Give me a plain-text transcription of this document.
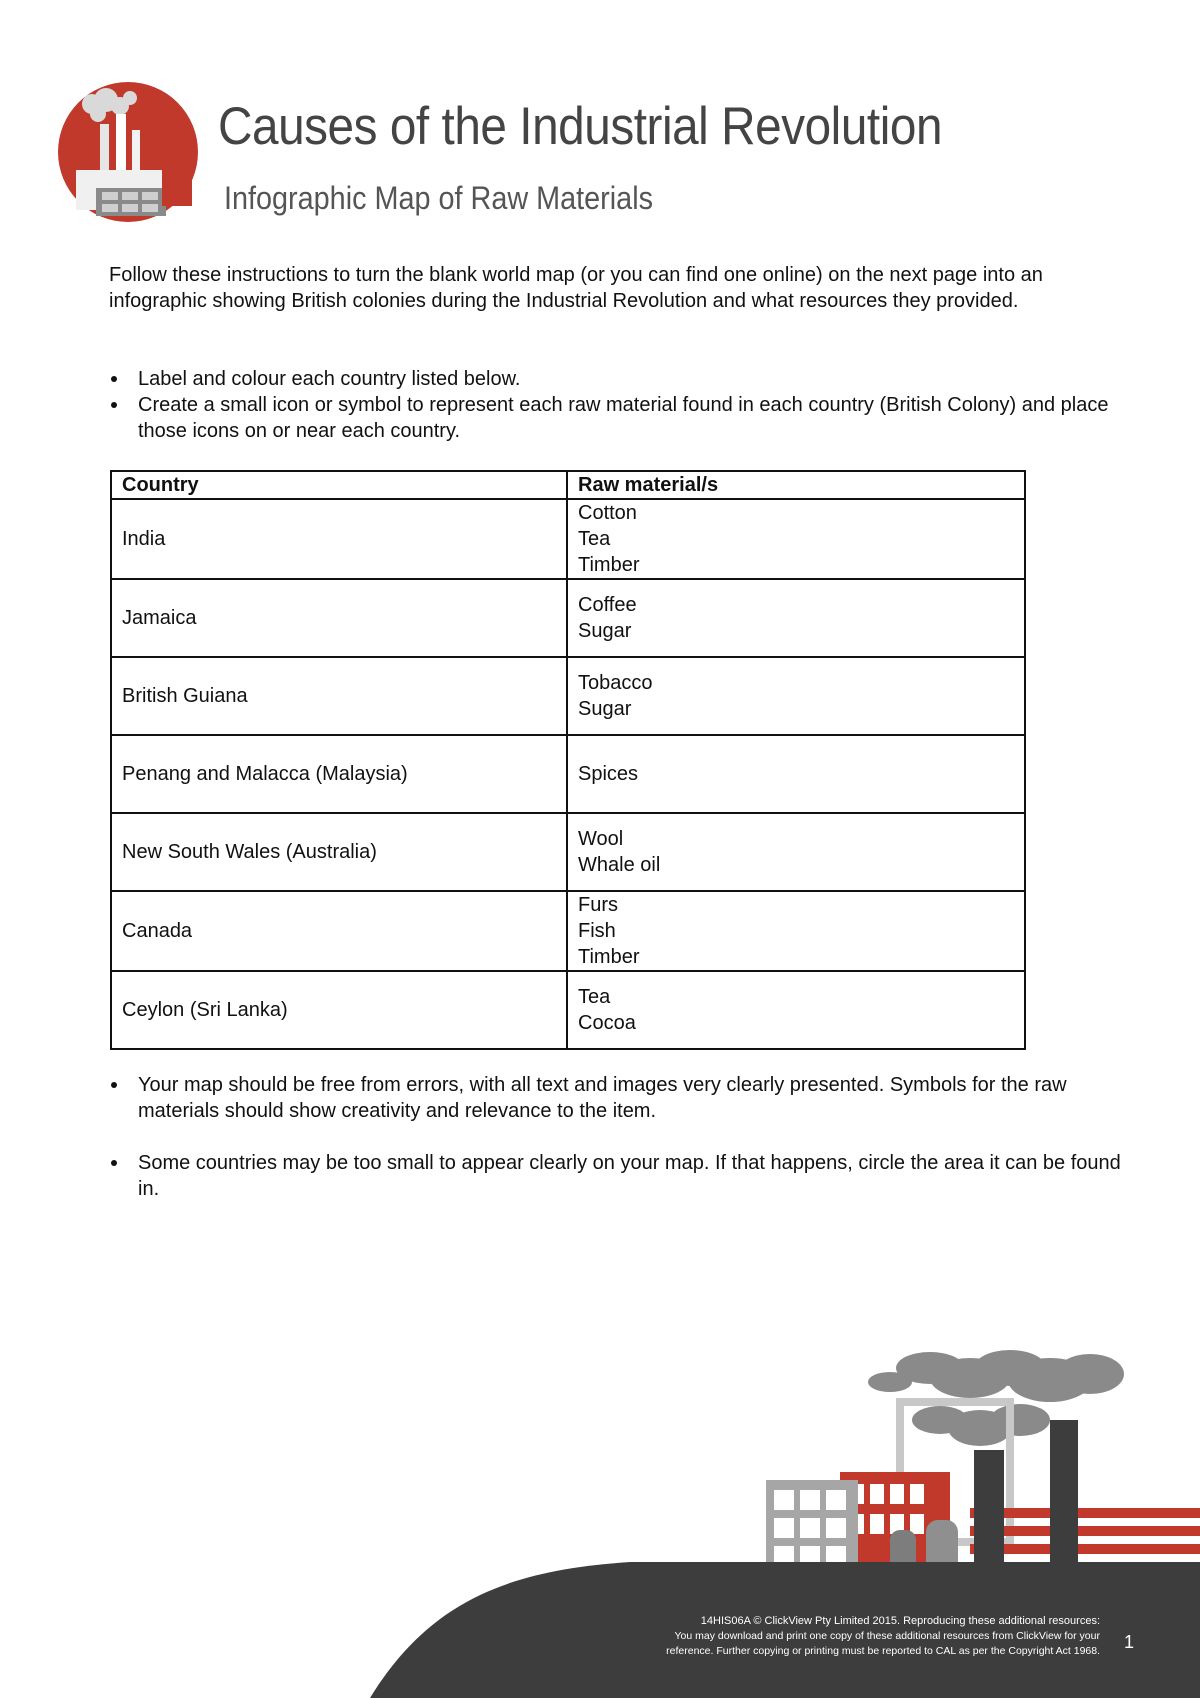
Causes of the Industrial Revolution
Infographic Map of Raw Materials

Follow these instructions to turn the blank world map (or you can find one online) on the next page into an infographic showing British colonies during the Industrial Revolution and what resources they provided.

Label and colour each country listed below.
Create a small icon or symbol to represent each raw material found in each country (British Colony) and place those icons on or near each country.
Country	Raw material/s
India	Cotton
Tea
Timber

Jamaica	Coffee
Sugar

British Guiana	Tobacco
Sugar

Penang and Malacca (Malaysia)	Spices

New South Wales (Australia)	Wool
Whale oil

Canada	Furs
Fish
Timber

Ceylon (Sri Lanka)	Tea
Cocoa
Your map should be free from errors, with all text and images very clearly presented. Symbols for the raw materials should show creativity and relevance to the item.
Some countries may be too small to appear clearly on your map. If that happens, circle the area it can be found in.
14HIS06A © ClickView Pty Limited 2015. Reproducing these additional resources:
You may download and print one copy of these additional resources from ClickView for your
reference. Further copying or printing must be reported to CAL as per the Copyright Act 1968. 1
